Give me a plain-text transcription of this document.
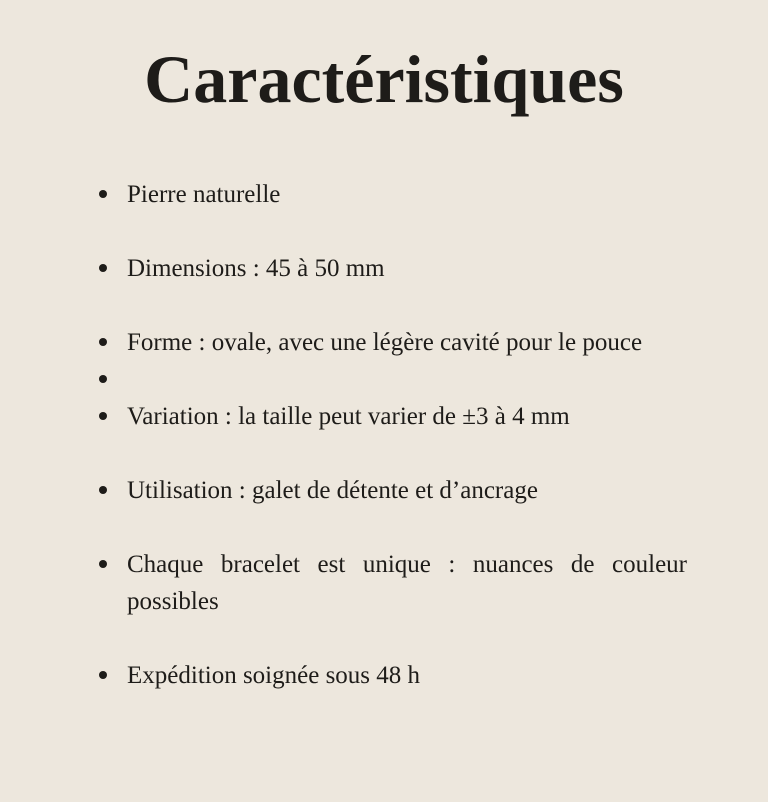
Caractéristiques
Pierre naturelle
Dimensions : 45 à 50 mm
Forme : ovale, avec une légère cavité pour le pouce
Variation : la taille peut varier de ±3 à 4 mm
Utilisation : galet de détente et d’ancrage
Chaque bracelet est unique : nuances de couleur possibles
Expédition soignée sous 48 h
